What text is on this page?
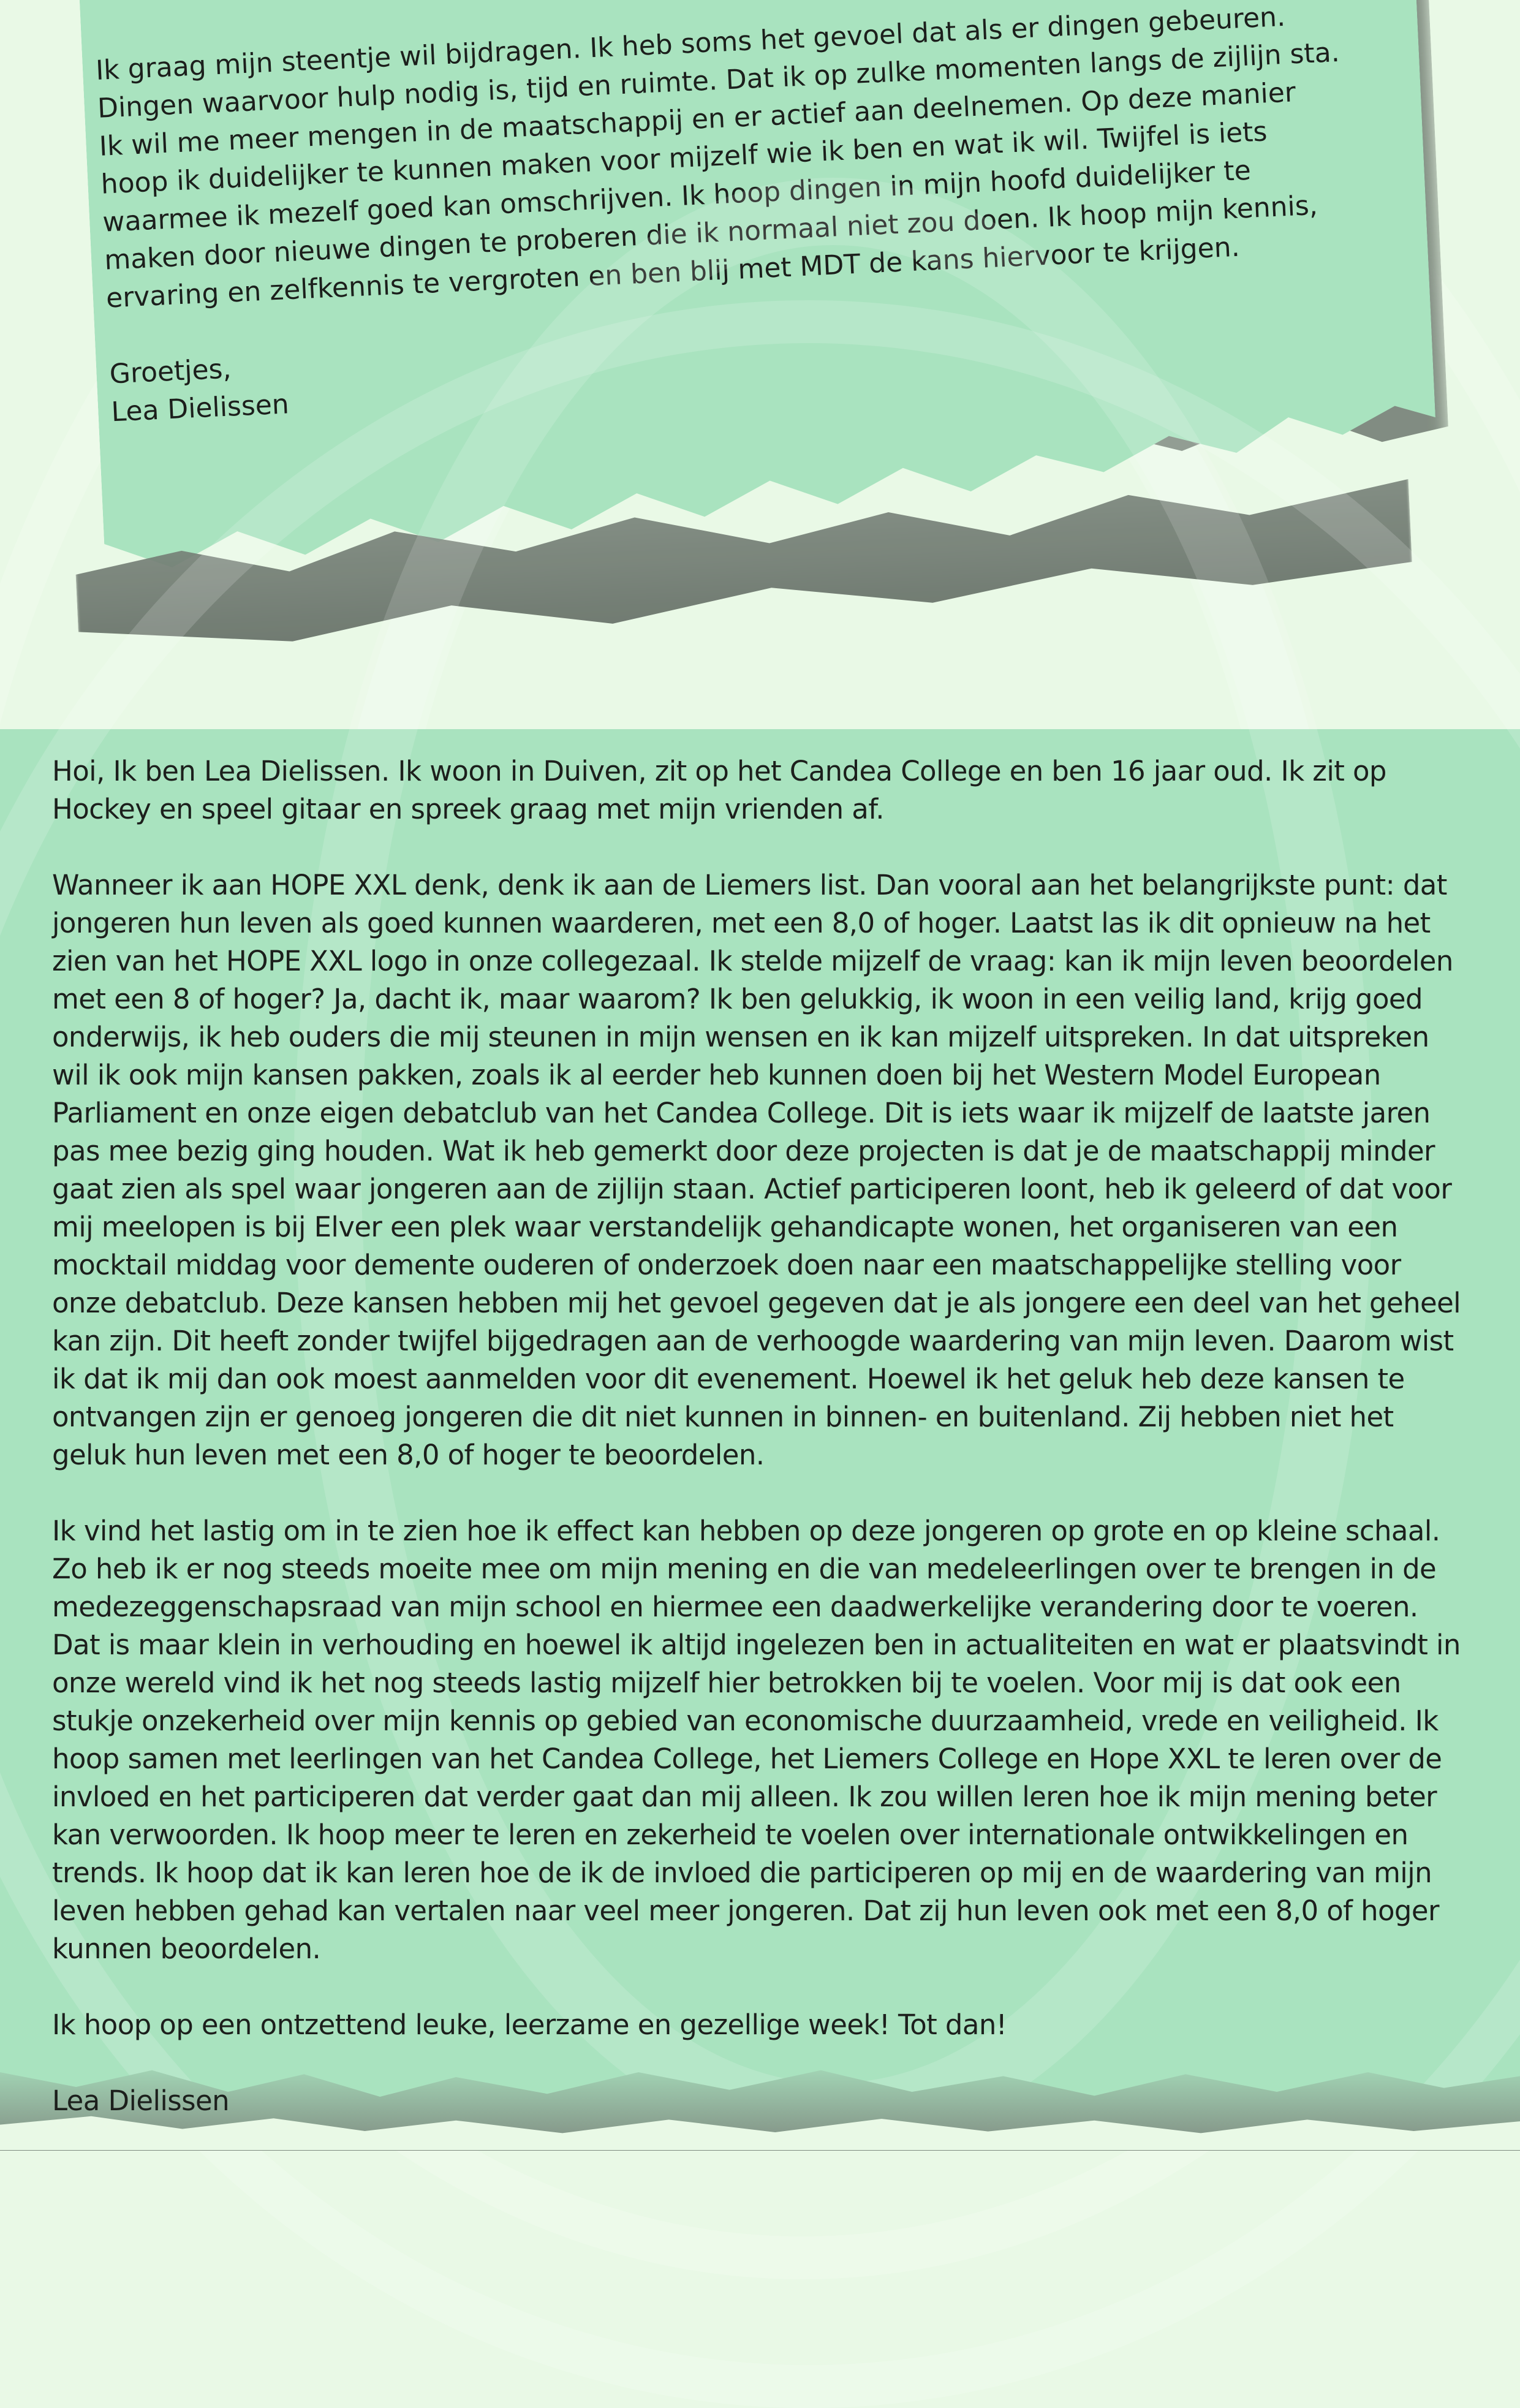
Ik graag mijn steentje wil bijdragen. Ik heb soms het gevoel dat als er dingen gebeuren. Dingen waarvoor hulp nodig is, tijd en ruimte. Dat ik op zulke momenten langs de zijlijn sta. Ik wil me meer mengen in de maatschappij en er actief aan deelnemen. Op deze manier hoop ik duidelijker te kunnen maken voor mijzelf wie ik ben en wat ik wil. Twijfel is iets waarmee ik mezelf goed kan omschrijven. Ik hoop dingen in mijn hoofd duidelijker te maken door nieuwe dingen te proberen die ik normaal niet zou doen. Ik hoop mijn kennis, ervaring en zelfkennis te vergroten en ben blij met MDT de kans hiervoor te krijgen.

Groetjes,

Lea Dielissen

Hoi, Ik ben Lea Dielissen. Ik woon in Duiven, zit op het Candea College en ben 16 jaar oud. Ik zit op Hockey en speel gitaar en spreek graag met mijn vrienden af.

Wanneer ik aan HOPE XXL denk, denk ik aan de Liemers list. Dan vooral aan het belangrijkste punt: dat jongeren hun leven als goed kunnen waarderen, met een 8,0 of hoger. Laatst las ik dit opnieuw na het zien van het HOPE XXL logo in onze collegezaal. Ik stelde mijzelf de vraag: kan ik mijn leven beoordelen met een 8 of hoger? Ja, dacht ik, maar waarom? Ik ben gelukkig, ik woon in een veilig land, krijg goed onderwijs, ik heb ouders die mij steunen in mijn wensen en ik kan mijzelf uitspreken. In dat uitspreken wil ik ook mijn kansen pakken, zoals ik al eerder heb kunnen doen bij het Western Model European Parliament en onze eigen debatclub van het Candea College. Dit is iets waar ik mijzelf de laatste jaren pas mee bezig ging houden. Wat ik heb gemerkt door deze projecten is dat je de maatschappij minder gaat zien als spel waar jongeren aan de zijlijn staan. Actief participeren loont, heb ik geleerd of dat voor mij meelopen is bij Elver een plek waar verstandelijk gehandicapte wonen, het organiseren van een mocktail middag voor demente ouderen of onderzoek doen naar een maatschappelijke stelling voor onze debatclub. Deze kansen hebben mij het gevoel gegeven dat je als jongere een deel van het geheel kan zijn. Dit heeft zonder twijfel bijgedragen aan de verhoogde waardering van mijn leven. Daarom wist ik dat ik mij dan ook moest aanmelden voor dit evenement. Hoewel ik het geluk heb deze kansen te ontvangen zijn er genoeg jongeren die dit niet kunnen in binnen- en buitenland. Zij hebben niet het geluk hun leven met een 8,0 of hoger te beoordelen.

Ik vind het lastig om in te zien hoe ik effect kan hebben op deze jongeren op grote en op kleine schaal. Zo heb ik er nog steeds moeite mee om mijn mening en die van medeleerlingen over te brengen in de medezeggenschapsraad van mijn school en hiermee een daadwerkelijke verandering door te voeren. Dat is maar klein in verhouding en hoewel ik altijd ingelezen ben in actualiteiten en wat er plaatsvindt in onze wereld vind ik het nog steeds lastig mijzelf hier betrokken bij te voelen. Voor mij is dat ook een stukje onzekerheid over mijn kennis op gebied van economische duurzaamheid, vrede en veiligheid. Ik hoop samen met leerlingen van het Candea College, het Liemers College en Hope XXL te leren over de invloed en het participeren dat verder gaat dan mij alleen. Ik zou willen leren hoe ik mijn mening beter kan verwoorden. Ik hoop meer te leren en zekerheid te voelen over internationale ontwikkelingen en trends. Ik hoop dat ik kan leren hoe de ik de invloed die participeren op mij en de waardering van mijn leven hebben gehad kan vertalen naar veel meer jongeren. Dat zij hun leven ook met een 8,0 of hoger kunnen beoordelen.

Ik hoop op een ontzettend leuke, leerzame en gezellige week! Tot dan!

Lea Dielissen
